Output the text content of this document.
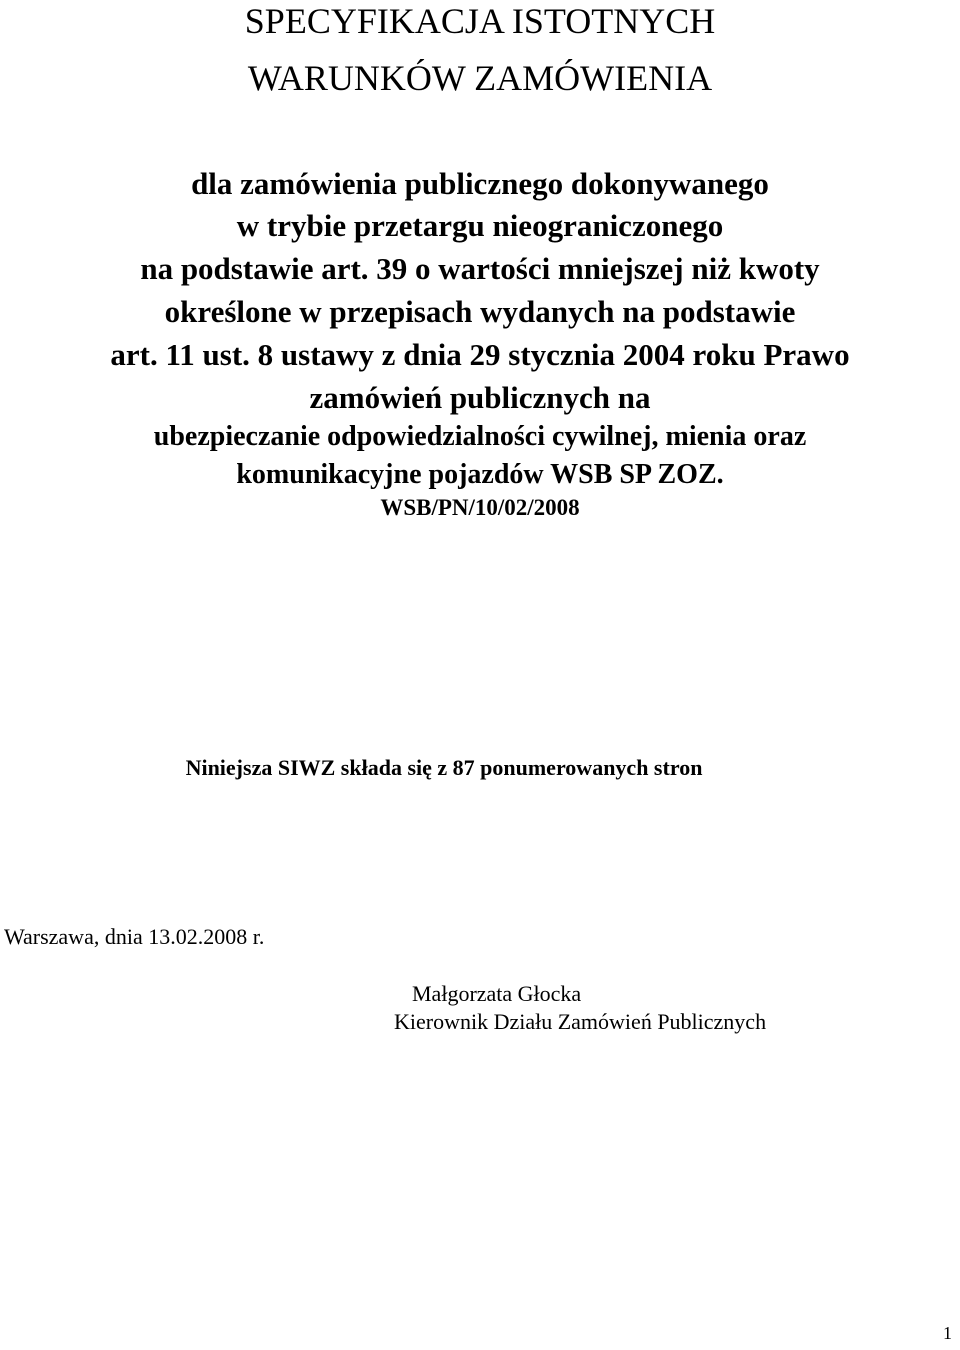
SPECYFIKACJA ISTOTNYCH
WARUNKÓW ZAMÓWIENIA
dla zamówienia publicznego dokonywanego
w trybie przetargu nieograniczonego
na podstawie art. 39 o wartości mniejszej niż kwoty
określone w przepisach wydanych na podstawie
art. 11 ust. 8 ustawy z dnia 29 stycznia 2004 roku Prawo
zamówień publicznych na
ubezpieczanie odpowiedzialności cywilnej, mienia oraz
komunikacyjne pojazdów WSB SP ZOZ.
WSB/PN/10/02/2008
Niniejsza SIWZ składa się z 87 ponumerowanych stron
Warszawa, dnia 13.02.2008 r.
Małgorzata Głocka
Kierownik Działu Zamówień Publicznych
1
